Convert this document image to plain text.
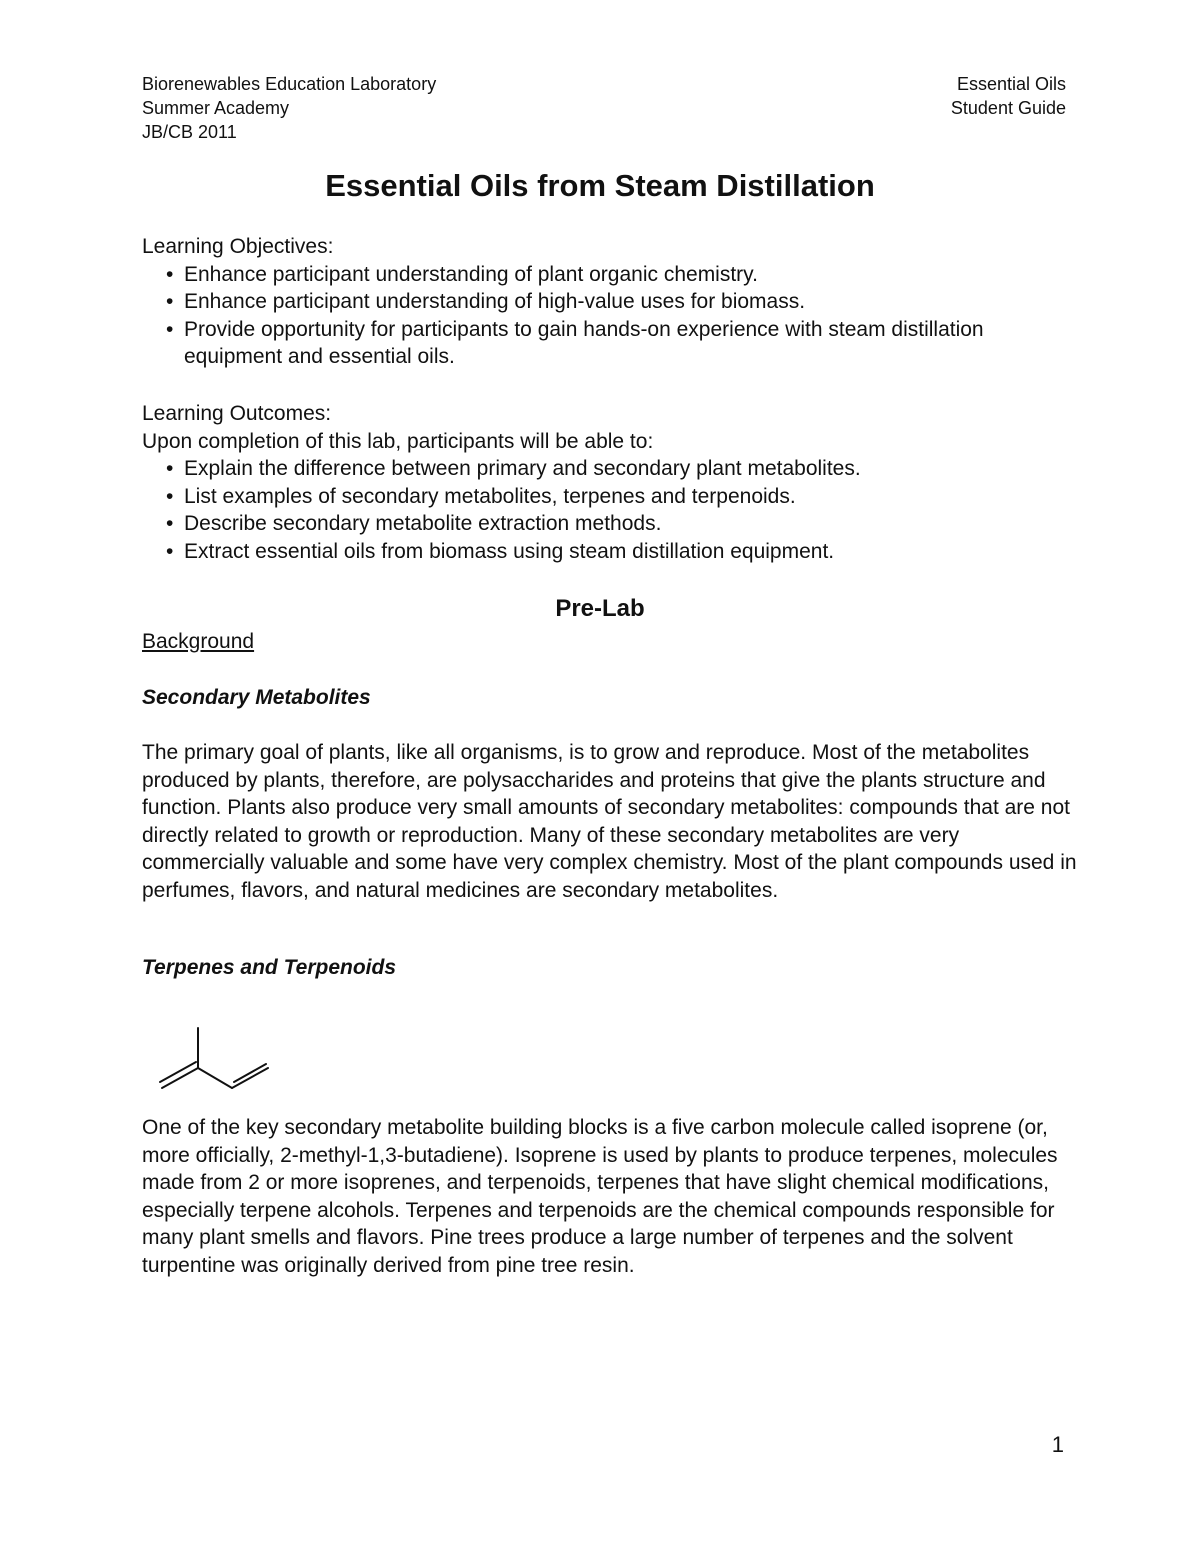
Biorenewables Education Laboratory
Summer Academy
JB/CB 2011
Essential Oils
Student Guide
Essential Oils from Steam Distillation

Learning Objectives:

• Enhance participant understanding of plant organic chemistry.
• Enhance participant understanding of high-value uses for biomass.
• Provide opportunity for participants to gain hands-on experience with steam distillation equipment and essential oils.

Learning Outcomes:

Upon completion of this lab, participants will be able to:

• Explain the difference between primary and secondary plant metabolites.
• List examples of secondary metabolites, terpenes and terpenoids.
• Describe secondary metabolite extraction methods.
• Extract essential oils from biomass using steam distillation equipment.
Pre-Lab
Background
Secondary Metabolites

The primary goal of plants, like all organisms, is to grow and reproduce. Most of the metabolites produced by plants, therefore, are polysaccharides and proteins that give the plants structure and function. Plants also produce very small amounts of secondary metabolites: compounds that are not directly related to growth or reproduction. Many of these secondary metabolites are very commercially valuable and some have very complex chemistry. Most of the plant compounds used in perfumes, flavors, and natural medicines are secondary metabolites.

Terpenes and Terpenoids

One of the key secondary metabolite building blocks is a five carbon molecule called isoprene (or, more officially, 2-methyl-1,3-butadiene). Isoprene is used by plants to produce terpenes, molecules made from 2 or more isoprenes, and terpenoids, terpenes that have slight chemical modifications, especially terpene alcohols. Terpenes and terpenoids are the chemical compounds responsible for many plant smells and flavors. Pine trees produce a large number of terpenes and the solvent turpentine was originally derived from pine tree resin.

1
